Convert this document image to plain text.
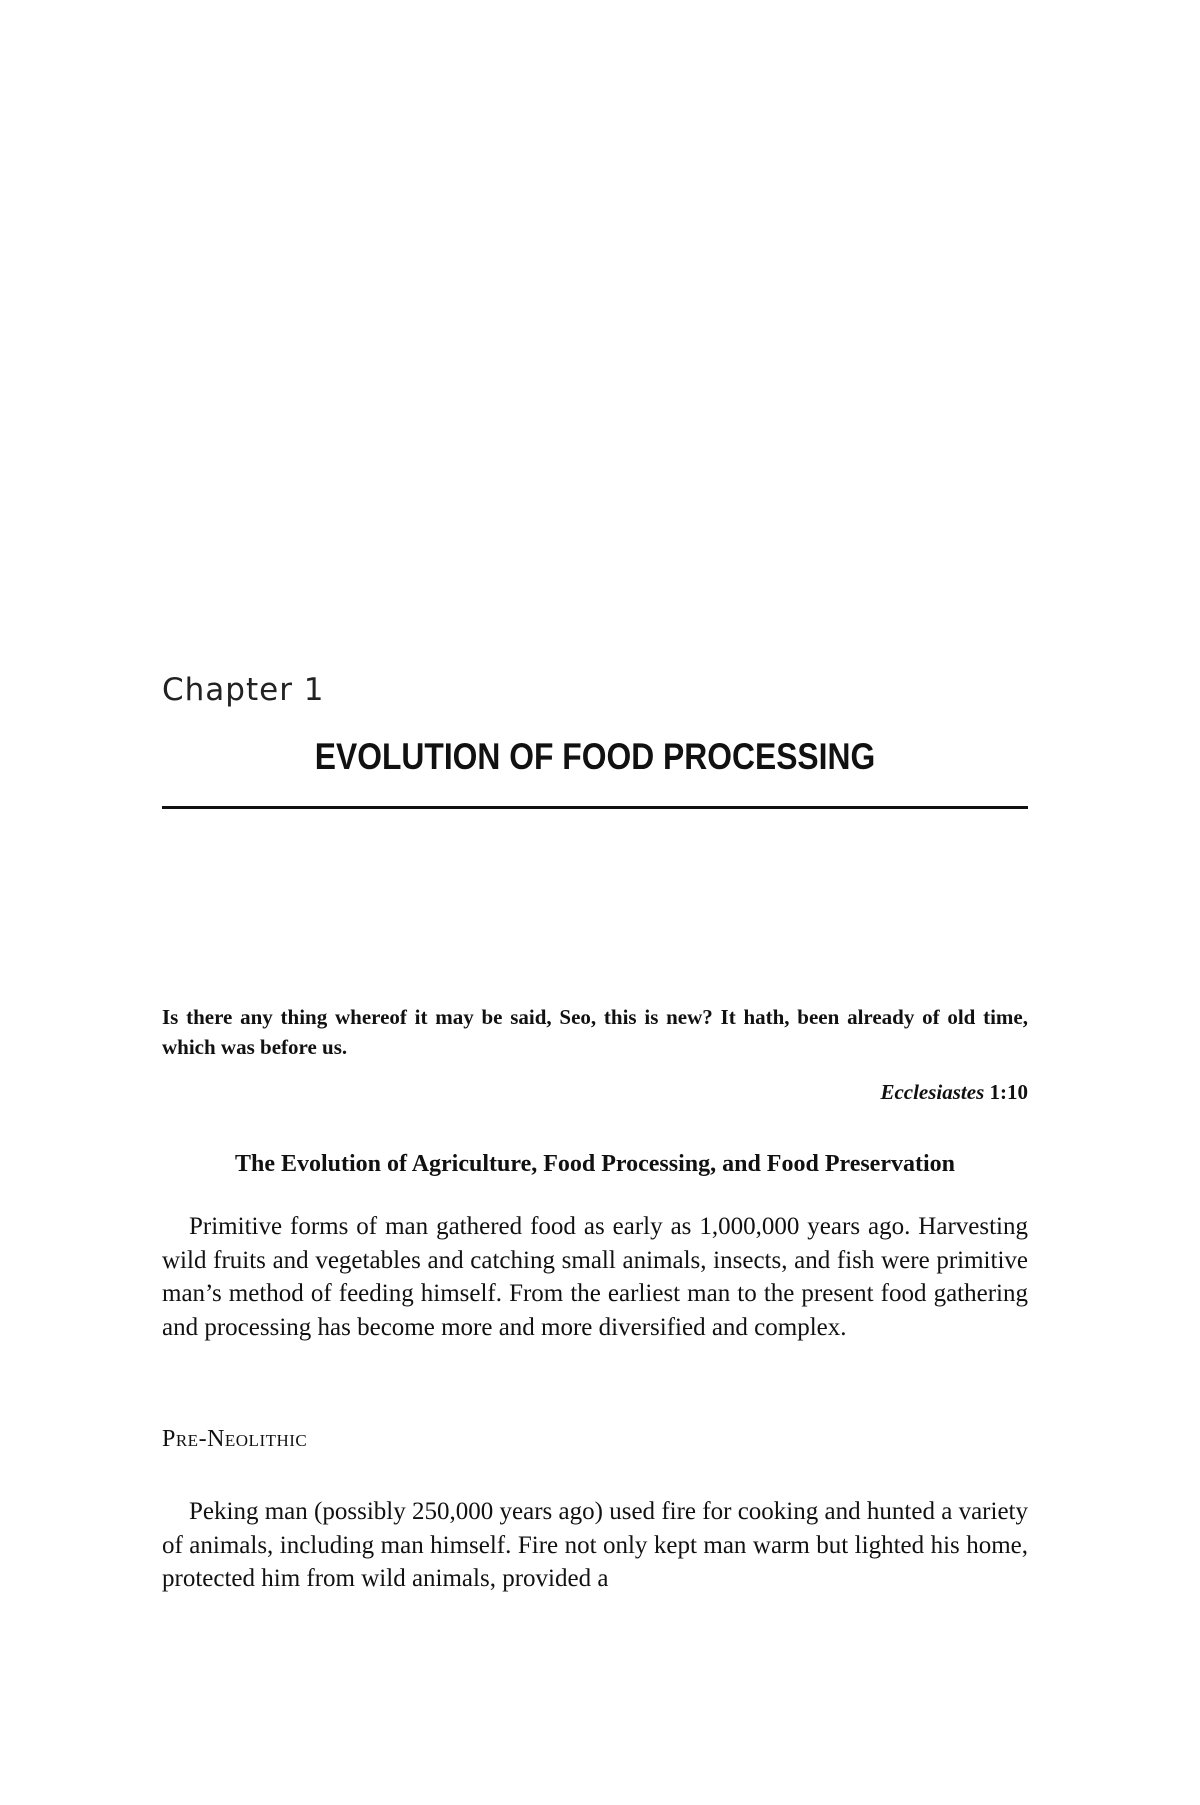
Chapter 1
EVOLUTION OF FOOD PROCESSING
Is there any thing whereof it may be said, Seo, this is new? It hath, been already of old time, which was before us.
Ecclesiastes 1:10
The Evolution of Agriculture, Food Processing, and Food Preservation

Primitive forms of man gathered food as early as 1,000,000 years ago. Harvesting wild fruits and vegetables and catching small animals, insects, and fish were primitive man’s method of feeding himself. From the earliest man to the present food gathering and processing has become more and more diversified and complex.

Pre-Neolithic

Peking man (possibly 250,000 years ago) used fire for cooking and hunted a variety of animals, including man himself. Fire not only kept man warm but lighted his home, protected him from wild animals, provided a
